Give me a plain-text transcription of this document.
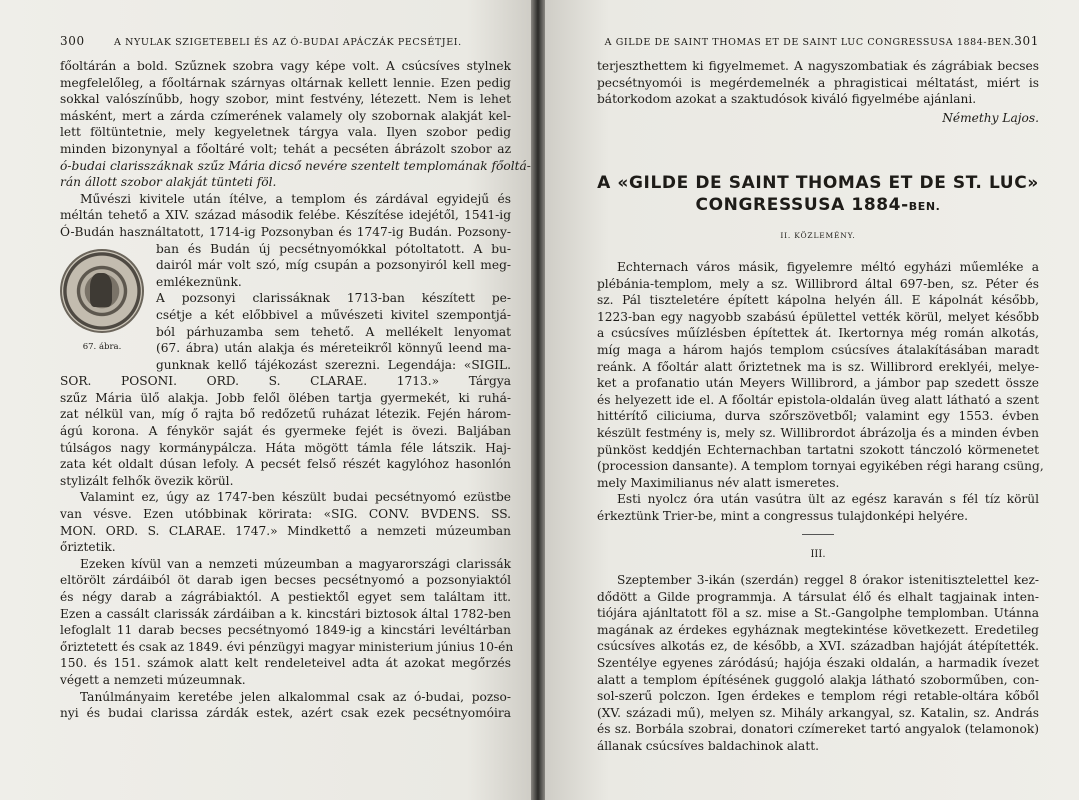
300	A NYULAK SZIGETEBELI ÉS AZ Ó-BUDAI APÁCZÁK PECSÉTJEI.
főoltárán a bold. Szűznek szobra vagy képe volt. A csúcsíves stylnek
megfelelőleg, a főoltárnak szárnyas oltárnak kellett lennie. Ezen pedig
sokkal valószínűbb, hogy szobor, mint festvény, létezett. Nem is lehet
másként, mert a zárda czímerének valamely oly szobornak alakját kel-
lett föltüntetnie, mely kegyeletnek tárgya vala. Ilyen szobor pedig
minden bizonynyal a főoltáré volt; tehát a pecséten ábrázolt szobor az
ó-budai clarisszáknak szűz Mária dicső nevére szentelt templomának főoltá-
rán állott szobor alakját tünteti föl.
Művészi kivitele után ítélve, a templom és zárdával egyidejű és
méltán tehető a XIV. század második felébe. Készítése idejétől, 1541-ig
Ó-Budán használtatott, 1714-ig Pozsonyban és 1747-ig Budán. Pozsony-
67. ábra.
ban és Budán új pecsétnyomókkal pótoltatott. A bu-
dairól már volt szó, míg csupán a pozsonyiról kell meg-
emlékeznünk.
A pozsonyi clarissáknak 1713-ban készített pe-
csétje a két előbbivel a művészeti kivitel szempontjá-
ból párhuzamba sem tehető. A mellékelt lenyomat
(67. ábra) után alakja és méreteikről könnyű leend ma-
gunknak kellő tájékozást szerezni. Legendája: «SIGIL.
SOR. POSONI. ORD. S. CLARAE. 1713.» Tárgya
szűz Mária ülő alakja. Jobb felől ölében tartja gyermekét, ki ruhá-
zat nélkül van, míg ő rajta bő redőzetű ruházat létezik. Fején három-
ágú korona. A fénykör saját és gyermeke fejét is övezi. Baljában
túlságos nagy kormánypálcza. Háta mögött támla féle látszik. Haj-
zata két oldalt dúsan lefoly. A pecsét felső részét kagylóhoz hasonlón
stylizált felhők övezik körül.
Valamint ez, úgy az 1747-ben készült budai pecsétnyomó ezüstbe
van vésve. Ezen utóbbinak körirata: «SIG. CONV. BVDENS. SS.
MON. ORD. S. CLARAE. 1747.» Mindkettő a nemzeti múzeumban
őriztetik.
Ezeken kívül van a nemzeti múzeumban a magyarországi clarissák
eltörölt zárdáiból öt darab igen becses pecsétnyomó a pozsonyiaktól
és négy darab a zágrábiaktól. A pestiektől egyet sem találtam itt.
Ezen a cassált clarissák zárdáiban a k. kincstári biztosok által 1782-ben
lefoglalt 11 darab becses pecsétnyomó 1849-ig a kincstári levéltárban
őriztetett és csak az 1849. évi pénzügyi magyar ministerium június 10-én
150. és 151. számok alatt kelt rendeleteivel adta át azokat megőrzés
végett a nemzeti múzeumnak.
Tanúlmányaim keretébe jelen alkalommal csak az ó-budai, pozso-
nyi és budai clarissa zárdák estek, azért csak ezek pecsétnyomóira
A GILDE DE SAINT THOMAS ET DE SAINT LUC CONGRESSUSA 1884-BEN. 301
terjeszthettem ki figyelmemet. A nagyszombatiak és zágrábiak becses
pecsétnyomói is megérdemelnék a phragisticai méltatást, miért is
bátorkodom azokat a szaktudósok kiváló figyelmébe ajánlani.
Némethy Lajos.
A «GILDE DE SAINT THOMAS ET DE ST. LUC»
CONGRESSUSA 1884-BEN.
II. KÖZLEMÉNY.
Echternach város másik, figyelemre méltó egyházi műemléke a
plébánia-templom, mely a sz. Willibrord által 697-ben, sz. Péter és
sz. Pál tiszteletére épített kápolna helyén áll. E kápolnát később,
1223-ban egy nagyobb szabású épülettel vették körül, melyet később
a csúcsíves műízlésben építettek át. Ikertornya még román alkotás,
míg maga a három hajós templom csúcsíves átalakításában maradt
reánk. A főoltár alatt őriztetnek ma is sz. Willibrord ereklyéi, melye-
ket a profanatio után Meyers Willibrord, a jámbor pap szedett össze
és helyezett ide el. A főoltár epistola-oldalán üveg alatt látható a szent
hittérítő ciliciuma, durva szőrszövetből; valamint egy 1553. évben
készült festmény is, mely sz. Willibrordot ábrázolja és a minden évben
pünköst keddjén Echternachban tartatni szokott tánczoló körmenetet
(procession dansante). A templom tornyai egyikében régi harang csüng,
mely Maximilianus név alatt ismeretes.
Esti nyolcz óra után vasútra ült az egész karaván s fél tíz körül
érkeztünk Trier-be, mint a congressus tulajdonképi helyére.
III.
Szeptember 3-ikán (szerdán) reggel 8 órakor istenitisztelettel kez-
dődött a Gilde programmja. A társulat élő és elhalt tagjainak inten-
tiójára ajánltatott föl a sz. mise a St.-Gangolphe templomban. Utánna
magának az érdekes egyháznak megtekintése következett. Eredetileg
csúcsíves alkotás ez, de később, a XVI. században hajóját átépítették.
Szentélye egyenes záródású; hajója északi oldalán, a harmadik ívezet
alatt a templom építésének guggoló alakja látható szoborműben, con-
sol-szerű polczon. Igen érdekes e templom régi retable-oltára kőből
(XV. századi mű), melyen sz. Mihály arkangyal, sz. Katalin, sz. András
és sz. Borbála szobrai, donatori czímereket tartó angyalok (telamonok)
állanak csúcsíves baldachinok alatt.
